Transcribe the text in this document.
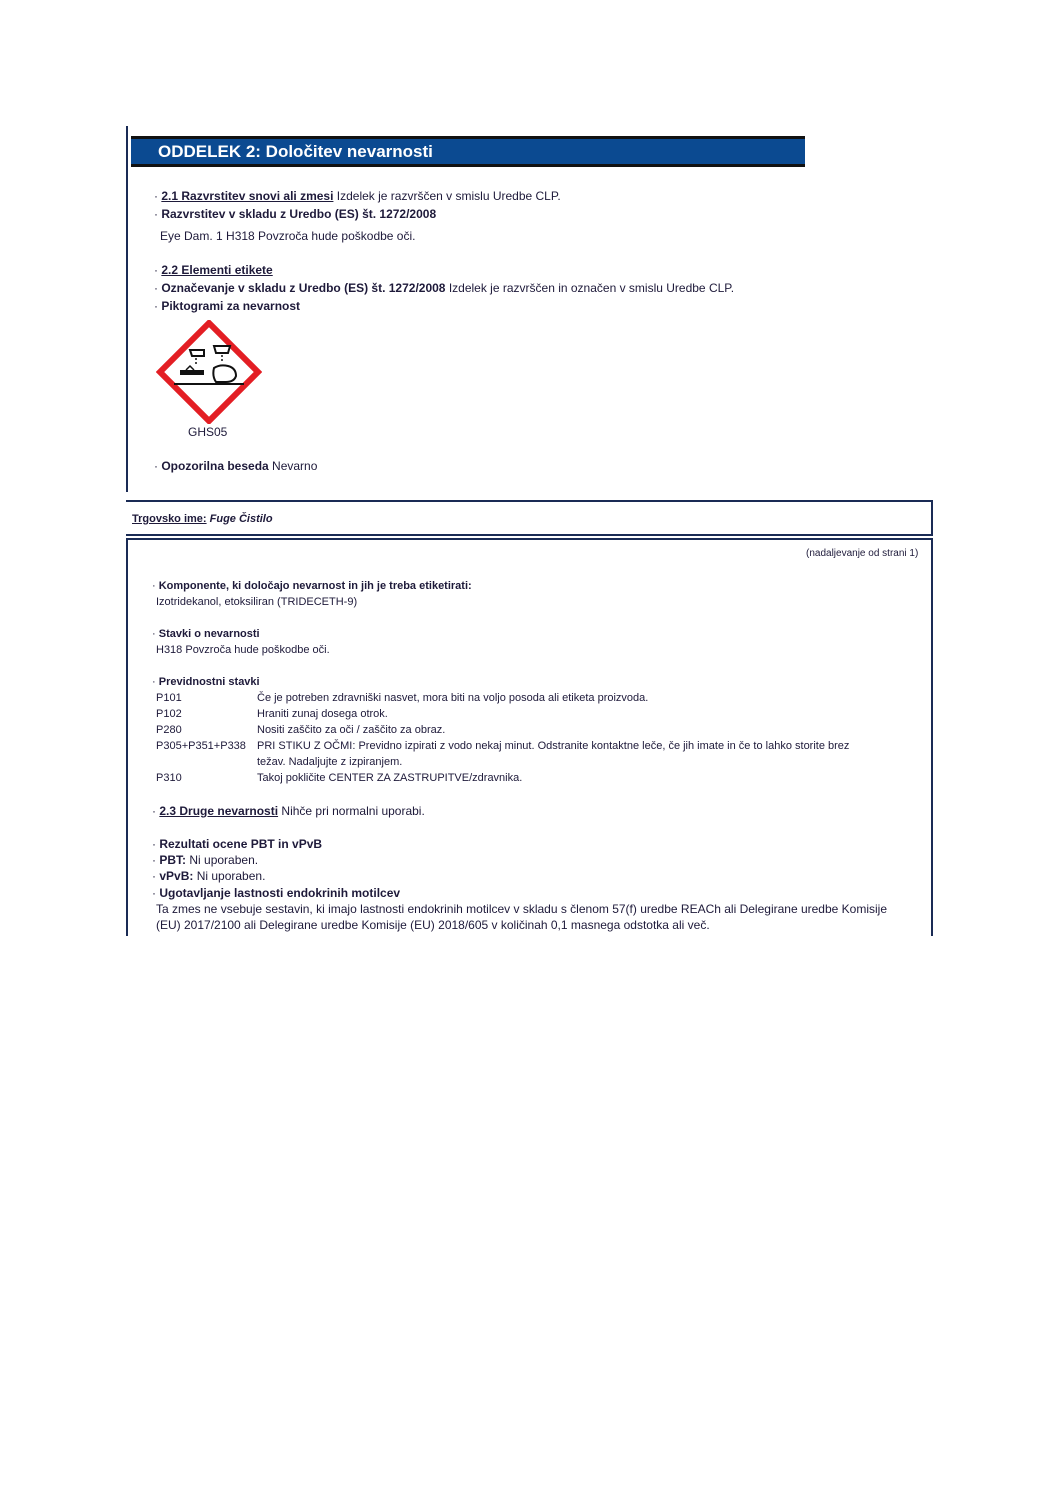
ODDELEK 2: Določitev nevarnosti
· 2.1 Razvrstitev snovi ali zmesi Izdelek je razvrščen v smislu Uredbe CLP.
· Razvrstitev v skladu z Uredbo (ES) št. 1272/2008
Eye Dam. 1 H318 Povzroča hude poškodbe oči.
· 2.2 Elementi etikete
· Označevanje v skladu z Uredbo (ES) št. 1272/2008 Izdelek je razvrščen in označen v smislu Uredbe CLP.
· Piktogrami za nevarnost
GHS05
· Opozorilna beseda Nevarno
Trgovsko ime: Fuge Čistilo
(nadaljevanje od strani 1)
· Komponente, ki določajo nevarnost in jih je treba etiketirati:
Izotridekanol, etoksiliran (TRIDECETH-9)
· Stavki o nevarnosti
H318 Povzroča hude poškodbe oči.
· Previdnostni stavki
P101	Če je potreben zdravniški nasvet, mora biti na voljo posoda ali etiketa proizvoda.
P102	Hraniti zunaj dosega otrok.
P280	Nositi zaščito za oči / zaščito za obraz.
P305+P351+P338 PRI STIKU Z OČMI: Previdno izpirati z vodo nekaj minut. Odstranite kontaktne leče, če jih imate in če to lahko storite brez
težav. Nadaljujte z izpiranjem.
P310	Takoj pokličite CENTER ZA ZASTRUPITVE/zdravnika.
· 2.3 Druge nevarnosti Nihče pri normalni uporabi.
· Rezultati ocene PBT in vPvB
· PBT: Ni uporaben.
· vPvB: Ni uporaben.
· Ugotavljanje lastnosti endokrinih motilcev
Ta zmes ne vsebuje sestavin, ki imajo lastnosti endokrinih motilcev v skladu s členom 57(f) uredbe REACh ali Delegirane uredbe Komisije
(EU) 2017/2100 ali Delegirane uredbe Komisije (EU) 2018/605 v količinah 0,1 masnega odstotka ali več.
